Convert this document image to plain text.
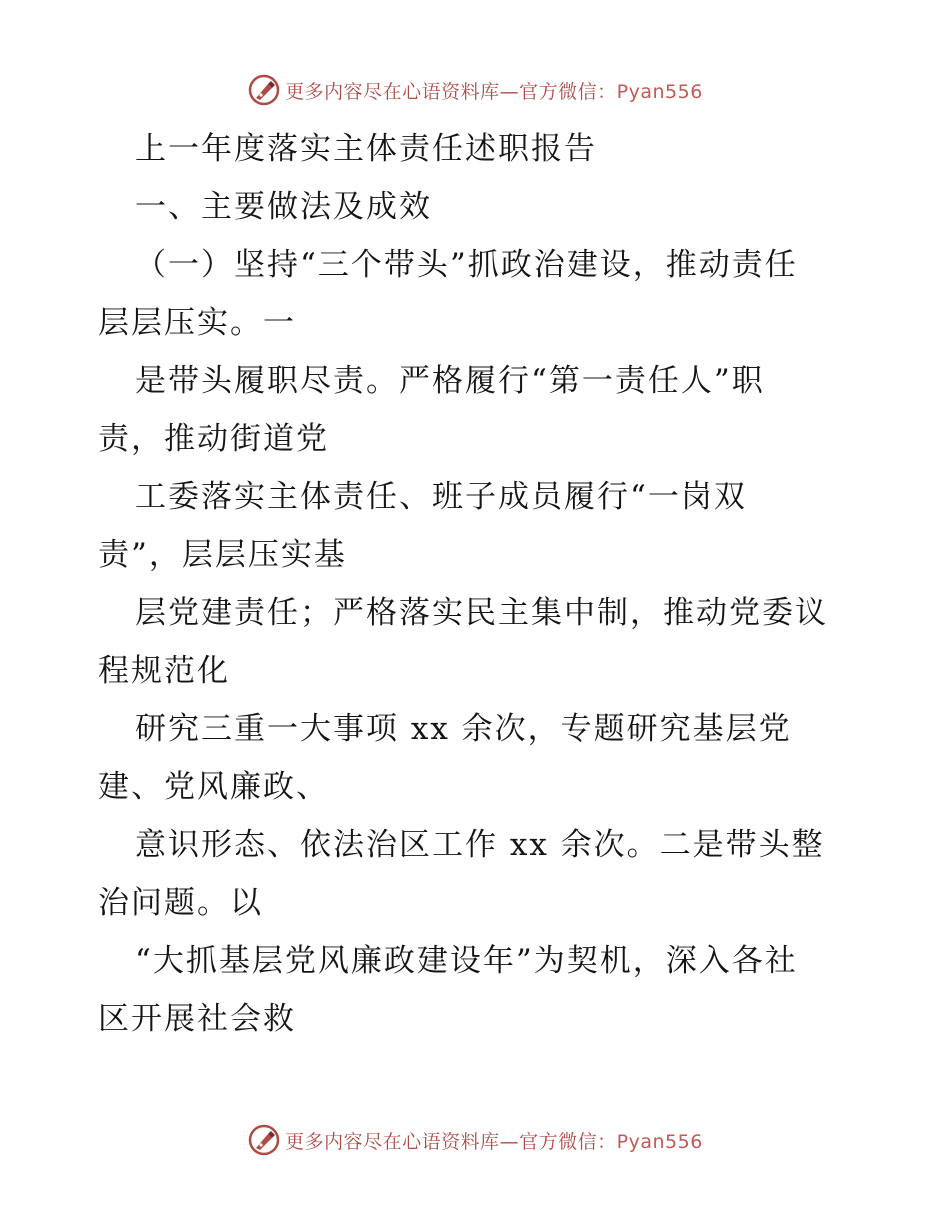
更多内容尽在心语资料库—官方微信：Pyan556
上一年度落实主体责任述职报告
一、主要做法及成效
（一）坚持“三个带头”抓政治建设，推动责任
层层压实。一
是带头履职尽责。严格履行“第一责任人”职
责，推动街道党
工委落实主体责任、班子成员履行“一岗双
责”，层层压实基
层党建责任；严格落实民主集中制，推动党委议
程规范化
研究三重一大事项 xx 余次，专题研究基层党
建、党风廉政、
意识形态、依法治区工作 xx 余次。二是带头整
治问题。以
“大抓基层党风廉政建设年”为契机，深入各社
区开展社会救
更多内容尽在心语资料库—官方微信：Pyan556
